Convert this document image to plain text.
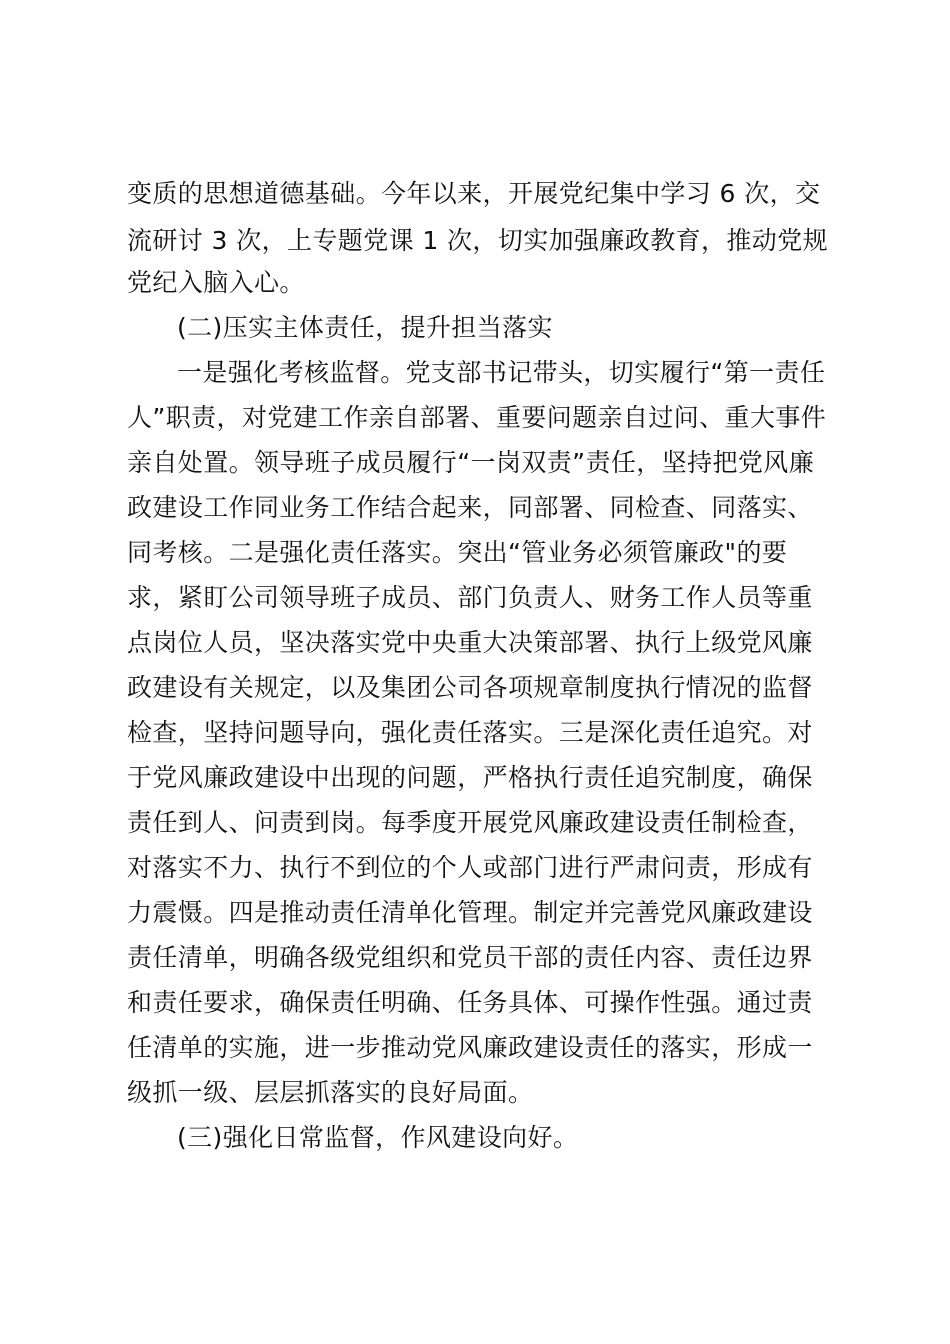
变质的思想道德基础。今年以来，开展党纪集中学习 6 次，交
流研讨 3 次，上专题党课 1 次，切实加强廉政教育，推动党规
党纪入脑入心。
(二)压实主体责任，提升担当落实
一是强化考核监督。党支部书记带头，切实履行“第一责任
人”职责，对党建工作亲自部署、重要问题亲自过问、重大事件
亲自处置。领导班子成员履行“一岗双责”责任，坚持把党风廉
政建设工作同业务工作结合起来，同部署、同检查、同落实、
同考核。二是强化责任落实。突出“管业务必须管廉政"的要
求，紧盯公司领导班子成员、部门负责人、财务工作人员等重
点岗位人员，坚决落实党中央重大决策部署、执行上级党风廉
政建设有关规定，以及集团公司各项规章制度执行情况的监督
检查，坚持问题导向，强化责任落实。三是深化责任追究。对
于党风廉政建设中出现的问题，严格执行责任追究制度，确保
责任到人、问责到岗。每季度开展党风廉政建设责任制检查，
对落实不力、执行不到位的个人或部门进行严肃问责，形成有
力震慑。四是推动责任清单化管理。制定并完善党风廉政建设
责任清单，明确各级党组织和党员干部的责任内容、责任边界
和责任要求，确保责任明确、任务具体、可操作性强。通过责
任清单的实施，进一步推动党风廉政建设责任的落实，形成一
级抓一级、层层抓落实的良好局面。
(三)强化日常监督，作风建设向好。
